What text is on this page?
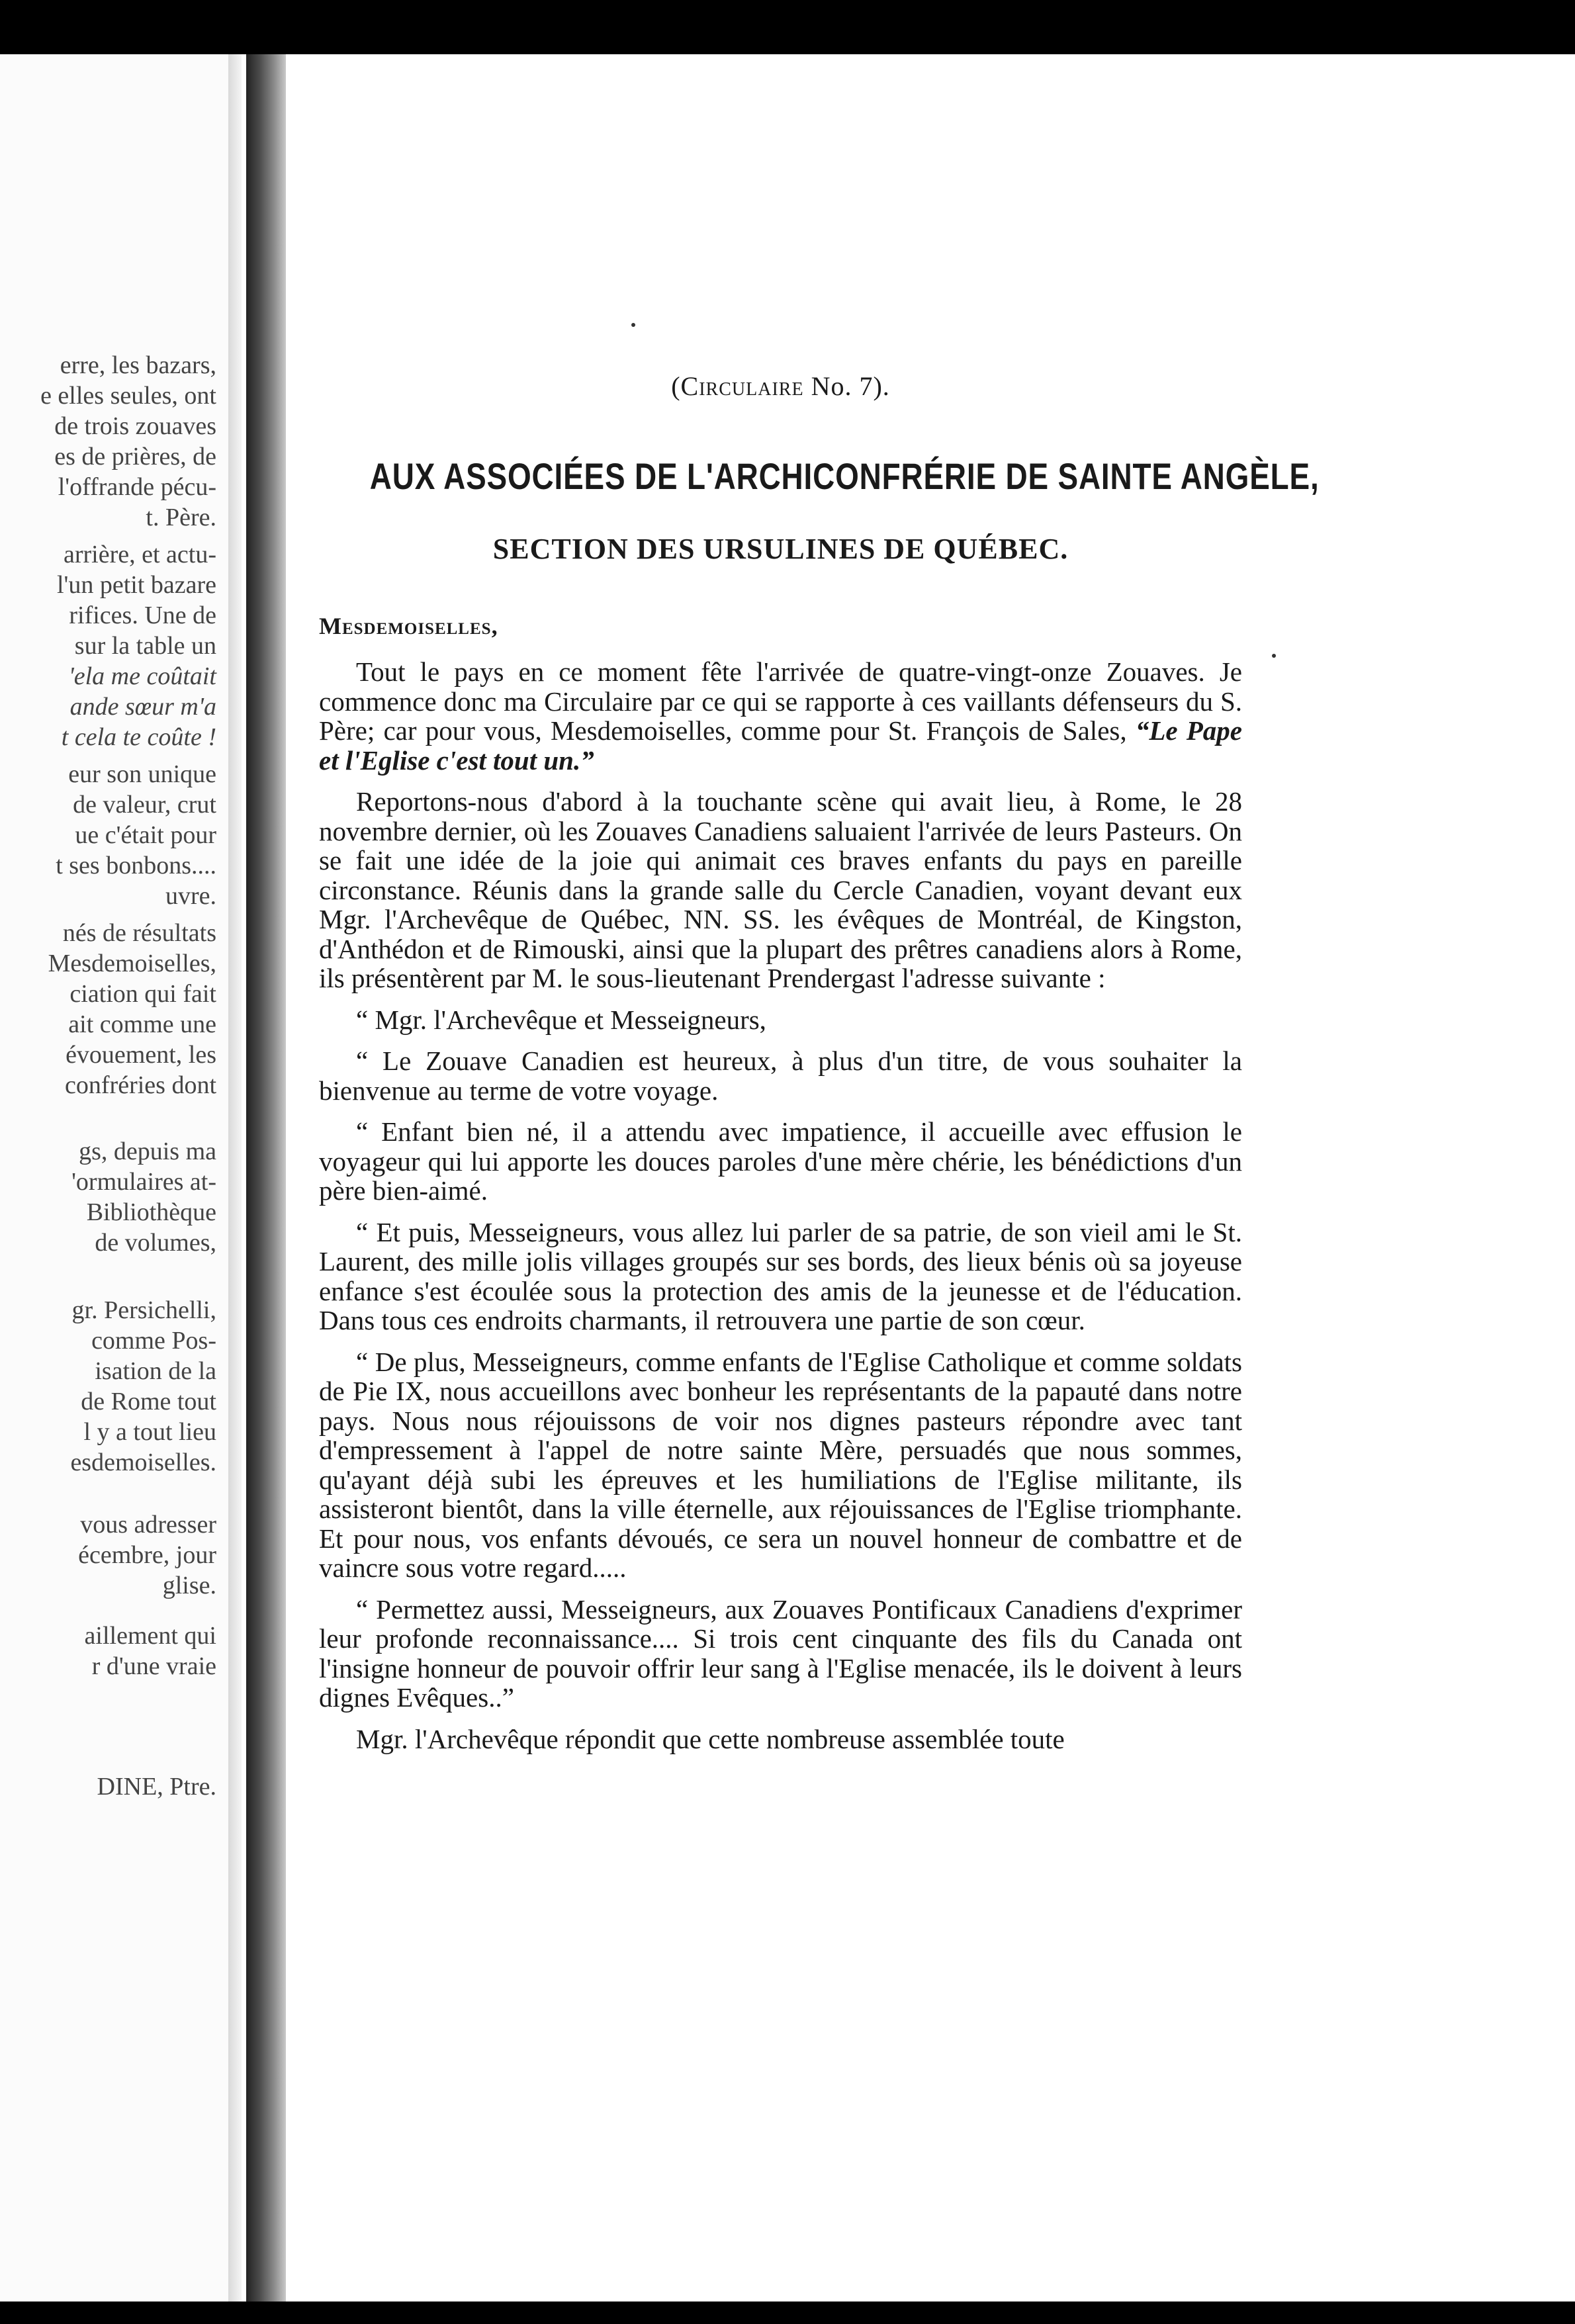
erre, les bazars,
e elles seules, ont
de trois zouaves
es de prières, de
l'offrande pécu-
t. Père.
arrière, et actu-
l'un petit bazare
rifices. Une de
sur la table un
'ela me coûtait
ande sœur m'a
t cela te coûte !
eur son unique
de valeur, crut
ue c'était pour
t ses bonbons....
uvre.
nés de résultats
Mesdemoiselles,
ciation qui fait
ait comme une
évouement, les
confréries dont
gs, depuis ma
'ormulaires at-
Bibliothèque
de volumes,
gr. Persichelli,
comme Pos-
isation de la
de Rome tout
l y a tout lieu
esdemoiselles.
vous adresser
écembre, jour
glise.
aillement qui
r d'une vraie
DINE, Ptre.
(Circulaire No. 7).
AUX ASSOCIÉES DE L'ARCHICONFRÉRIE DE SAINTE ANGÈLE,
SECTION DES URSULINES DE QUÉBEC.
Mesdemoiselles,

Tout le pays en ce moment fête l'arrivée de quatre-vingt-onze Zouaves. Je commence donc ma Circulaire par ce qui se rapporte à ces vaillants défenseurs du S. Père; car pour vous, Mesdemoiselles, comme pour St. François de Sales, “Le Pape et l'Eglise c'est tout un.”

Reportons-nous d'abord à la touchante scène qui avait lieu, à Rome, le 28 novembre dernier, où les Zouaves Canadiens saluaient l'arrivée de leurs Pasteurs. On se fait une idée de la joie qui animait ces braves enfants du pays en pareille circonstance. Réunis dans la grande salle du Cercle Canadien, voyant devant eux Mgr. l'Archevêque de Québec, NN. SS. les évêques de Montréal, de Kingston, d'Anthédon et de Rimouski, ainsi que la plupart des prêtres canadiens alors à Rome, ils présentèrent par M. le sous-lieutenant Prendergast l'adresse suivante :

“ Mgr. l'Archevêque et Messeigneurs,

“ Le Zouave Canadien est heureux, à plus d'un titre, de vous souhaiter la bienvenue au terme de votre voyage.

“ Enfant bien né, il a attendu avec impatience, il accueille avec effusion le voyageur qui lui apporte les douces paroles d'une mère chérie, les bénédictions d'un père bien-aimé.

“ Et puis, Messeigneurs, vous allez lui parler de sa patrie, de son vieil ami le St. Laurent, des mille jolis villages groupés sur ses bords, des lieux bénis où sa joyeuse enfance s'est écoulée sous la protection des amis de la jeunesse et de l'éducation. Dans tous ces endroits charmants, il retrouvera une partie de son cœur.

“ De plus, Messeigneurs, comme enfants de l'Eglise Catholique et comme soldats de Pie IX, nous accueillons avec bonheur les représentants de la papauté dans notre pays. Nous nous réjouissons de voir nos dignes pasteurs répondre avec tant d'empressement à l'appel de notre sainte Mère, persuadés que nous sommes, qu'ayant déjà subi les épreuves et les humiliations de l'Eglise militante, ils assisteront bientôt, dans la ville éternelle, aux réjouissances de l'Eglise triomphante. Et pour nous, vos enfants dévoués, ce sera un nouvel honneur de combattre et de vaincre sous votre regard.....

“ Permettez aussi, Messeigneurs, aux Zouaves Pontificaux Canadiens d'exprimer leur profonde reconnaissance.... Si trois cent cinquante des fils du Canada ont l'insigne honneur de pouvoir offrir leur sang à l'Eglise menacée, ils le doivent à leurs dignes Evêques..”

Mgr. l'Archevêque répondit que cette nombreuse assemblée toute
